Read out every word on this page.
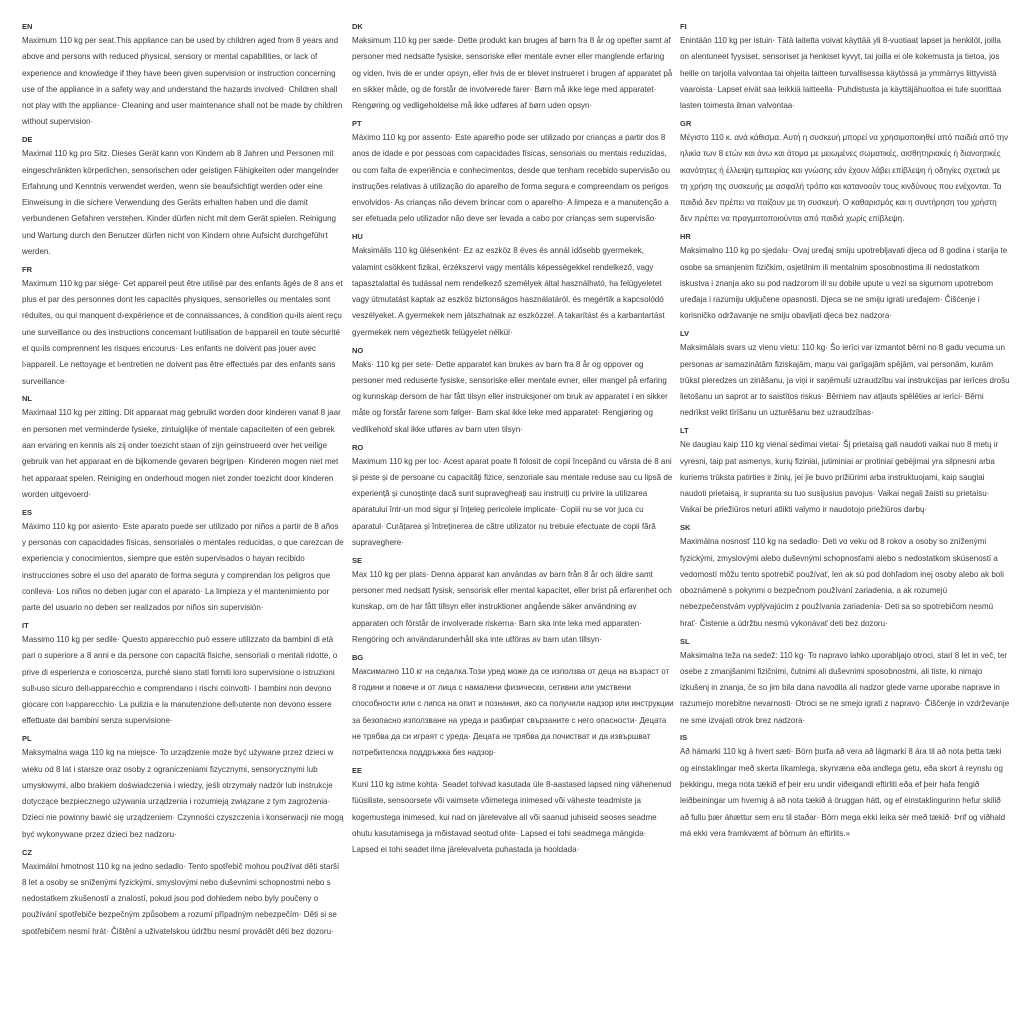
EN

Maximum 110 kg per seat.This appliance can be used by children aged from 8 years and above and persons with reduced physical, sensory or mental capabilities, or lack of experience and knowledge if they have been given supervision or instruction concerning use of the appliance in a safety way and understand the hazards involved· Children shall not play with the appliance· Cleaning and user maintenance shall not be made by children without supervision·

DE

Maximal 110 kg pro Sitz. Dieses Gerät kann von Kindern ab 8 Jahren und Personen mit eingeschränkten körperlichen, sensorischen oder geistigen Fähigkeiten oder mangelnder Erfahrung und Kenntnis verwendet werden, wenn sie beaufsichtigt werden oder eine Einweisung in die sichere Verwendung des Geräts erhalten haben und die damit verbundenen Gefahren verstehen. Kinder dürfen nicht mit dem Gerät spielen. Reinigung und Wartung durch den Benutzer dürfen nicht von Kindern ohne Aufsicht durchgeführt werden.

FR

Maximum 110 kg par siège· Cet appareil peut être utilisé par des enfants âgés de 8 ans et plus et par des personnes dont les capacités physiques, sensorielles ou mentales sont réduites, ou qui manquent d›expérience et de connaissances, à condition qu›ils aient reçu une surveillance ou des instructions concernant l›utilisation de l›appareil en toute sécurité et qu›ils comprennent les risques encourus· Les enfants ne doivent pas jouer avec l›appareil. Le nettoyage et l›entretien ne doivent pas être effectués par des enfants sans surveillance·

NL

Maximaal 110 kg per zitting. Dit apparaat mag gebruikt worden door kinderen vanaf 8 jaar en personen met verminderde fysieke, zintuiglijke of mentale capaciteiten of een gebrek aan ervaring en kennis als zij onder toezicht staan of zijn geinstrueerd over het veilige gebruik van het apparaat en de bijkomende gevaren begrijpen· Kinderen mogen niet met het apparaat spelen. Reiniging en onderhoud mogen niet zonder toezicht door kinderen worden uitgevoerd·

ES

Máximo 110 kg por asiento· Este aparato puede ser utilizado por niños a partir de 8 años y personas con capacidades físicas, sensoriales o mentales reducidas, o que carezcan de experiencia y conocimientos, siempre que estén supervisados o hayan recibido instrucciones sobre el uso del aparato de forma segura y comprendan los peligros que conlleva· Los niños no deben jugar con el aparato· La limpieza y el mantenimiento por parte del usuario no deben ser realizados por niños sin supervisión·

IT

Massimo 110 kg per sedile· Questo apparecchio può essere utilizzato da bambini di età pari o superiore a 8 anni e da persone con capacità fisiche, sensoriali o mentali ridotte, o prive di esperienza e conoscenza, purché siano stati forniti loro supervisione o istruzioni sull›uso sicuro dell›apparecchio e comprendano i rischi coinvolti· I bambini non devono giocare con l›apparecchio· La pulizia e la manutenzione dell›utente non devono essere effettuate dai bambini senza supervisione·

PL

Maksymalna waga 110 kg na miejsce· To urządzenie może być używane przez dzieci w wieku od 8 lat i starsze oraz osoby z ograniczeniami fizycznymi, sensorycznymi lub umysłowymi, albo brakiem doświadczenia i wiedzy, jeśli otrzymały nadzór lub instrukcje dotyczące bezpiecznego używania urządzenia i rozumieją związane z tym zagrożenia· Dzieci nie powinny bawić się urządzeniem· Czynności czyszczenia i konserwacji nie mogą być wykonywane przez dzieci bez nadzoru·

CZ

Maximální hmotnost 110 kg na jedno sedadlo· Tento spotřebič mohou používat děti starší 8 let a osoby se sníženými fyzickými, smyslovými nebo duševními schopnostmi nebo s nedostatkem zkušeností a znalostí, pokud jsou pod dohledem nebo byly poučeny o používání spotřebiče bezpečným způsobem a rozumí případným nebezpečím· Děti si se spotřebičem nesmí hrát· Čištění a uživatelskou údržbu nesmí provádět děti bez dozoru·

DK

Maksimum 110 kg per sæde· Dette produkt kan bruges af børn fra 8 år og opefter samt af personer med nedsatte fysiske, sensoriske eller mentale evner eller manglende erfaring og viden, hvis de er under opsyn, eller hvis de er blevet instrueret i brugen af apparatet på en sikker måde, og de forstår de involverede farer· Børn må ikke lege med apparatet· Rengøring og vedligeholdelse må ikke udføres af børn uden opsyn·

PT

Máximo 110 kg por assento· Este aparelho pode ser utilizado por crianças a partir dos 8 anos de idade e por pessoas com capacidades físicas, sensoriais ou mentais reduzidas, ou com falta de experiência e conhecimentos, desde que tenham recebido supervisão ou instruções relativas à utilização do aparelho de forma segura e compreendam os perigos envolvidos· As crianças não devem brincar com o aparelho· A limpeza e a manutenção a ser efetuada pelo utilizador não deve ser levada a cabo por crianças sem supervisão·

HU

Maksimális 110 kg ülésenként· Ez az eszköz 8 éves és annál idősebb gyermekek, valamint csökkent fizikai, érzékszervi vagy mentális képességekkel rendelkező, vagy tapasztalattal és tudással nem rendelkező személyek által használható, ha felügyeletet vagy útmutatást kaptak az eszköz biztonságos használatáról, és megértik a kapcsolódó veszélyeket. A gyermekek nem játszhatnak az eszközzel. A takarítást és a karbantartást gyermekek nem végezhetik felügyelet nélkül·

NO

Maks· 110 kg per sete· Dette apparatet kan brukes av barn fra 8 år og oppover og personer med reduserte fysiske, sensoriske eller mentale evner, eller mangel på erfaring og kunnskap dersom de har fått tilsyn eller instruksjoner om bruk av apparatet i en sikker måte og forstår farene som følger· Barn skal ikke leke med apparatet· Rengjøring og vedlikehold skal ikke utføres av barn uten tilsyn·

RO

Maximum 110 kg per loc· Acest aparat poate fi folosit de copii începând cu vârsta de 8 ani și peste și de persoane cu capacități fizice, senzoriale sau mentale reduse sau cu lipsă de experiență și cunoștințe dacă sunt supravegheați sau instruiți cu privire la utilizarea aparatului într-un mod sigur și înțeleg pericolele implicate· Copiii nu se vor juca cu aparatul· Curățarea și întreținerea de către utilizator nu trebuie efectuate de copii fără supraveghere·

SE

Max 110 kg per plats· Denna apparat kan användas av barn från 8 år och äldre samt personer med nedsatt fysisk, sensorisk eller mental kapacitet, eller brist på erfarenhet och kunskap, om de har fått tillsyn eller instruktioner angående säker användning av apparaten och förstår de involverade riskerna· Barn ska inte leka med apparaten· Rengöring och användarunderhåll ska inte utföras av barn utan tillsyn·

BG

Максимално 110 кг на седалка.Този уред може да се използва от деца на възраст от 8 години и повече и от лица с намалени физически, сетивни или умствени способности или с липса на опит и познания, ако са получили надзор или инструкции за безопасно използване на уреда и разбират свързаните с него опасности· Децата не трябва да си играят с уреда· Децата не трябва да почистват и да извършват потребителска поддръжка без надзор·

EE

Kuni 110 kg istme kohta· Seadet tohivad kasutada üle 8-aastased lapsed ning vähenenud füüsiliste, sensoorsete või vaimsete võimetega inimesed või väheste teadmiste ja kogemustega inimesed, kui nad on järelevalve all või saanud juhiseid seoses seadme ohutu kasutamisega ja mõistavad seotud ohte· Lapsed ei tohi seadmega mängida· Lapsed ei tohi seadet ilma järelevalveta puhastada ja hooldada·

FI

Enintään 110 kg per istuin· Tätä laitetta voivat käyttää yli 8-vuotiaat lapset ja henkilöt, joilla on alentuneet fyysiset, sensoriset ja henkiset kyvyt, tai joilla ei ole kokemusta ja tietoa, jos heille on tarjolla valvontaa tai ohjeita laitteen turvallisessa käytössä ja ymmärrys liittyvistä vaaroista· Lapset eivät saa leikkiä laitteella· Puhdistusta ja käyttäjähuoltoa ei tule suorittaa lasten toimesta ilman valvontaa·

GR

Μέγιστο 110 κ. ανά κάθισμα. Αυτή η συσκευή μπορεί να χρησιμοποιηθεί από παιδιά από την ηλικία των 8 ετών και άνω και άτομα με μειωμένες σωματικές, αισθητηριακές ή διανοητικές ικανότητες ή έλλειψη εμπειρίας και γνώσης εάν έχουν λάβει επίβλεψη ή οδηγίες σχετικά με τη χρήση της συσκευής με ασφαλή τρόπο και κατανοούν τους κινδύνους που ενέχονται. Τα παιδιά δεν πρέπει να παίζουν με τη συσκευή. Ο καθαρισμός και η συντήρηση του χρήστη δεν πρέπει να πραγματοποιούνται από παιδιά χωρίς επίβλεψη.

HR

Maksimalno 110 kg po sjedalu· Ovaj uređaj smiju upotrebljavati djeca od 8 godina i starija te osobe sa smanjenim fizičkim, osjetilnim ili mentalnim sposobnostima ili nedostatkom iskustva i znanja ako su pod nadzorom ili su dobile upute u vezi sa sigurnom upotrebom uređaja i razumiju uključene opasnosti. Djeca se ne smiju igrati uređajem· Čišćenje i korisničko održavanje ne smiju obavljati djeca bez nadzora·

LV

Maksimālais svars uz vienu vietu: 110 kg· Šo ierīci var izmantot bērni no 8 gadu vecuma un personas ar samazinātām fiziskajām, maņu vai garīgajām spējām, vai personām, kurām trūkst pieredzes un zināšanu, ja viņi ir saņēmuši uzraudzību vai instrukcijas par ierīces drošu lietošanu un saprot ar to saistītos riskus· Bērniem nav atļauts spēlēties ar ierīci· Bērni nedrīkst veikt tīrīšanu un uzturēšanu bez uzraudzības·

LT

Ne daugiau kaip 110 kg vienai sėdimai vietai· Šį prietaisą gali naudoti vaikai nuo 8 metų ir vyresni, taip pat asmenys, kurių fiziniai, jutiminiai ar protiniai gebėjimai yra silpnesni arba kuriems trūksta patirties ir žinių, jei jie buvo prižiūrimi arba instruktuojami, kaip saugiai naudoti prietaisą, ir supranta su tuo susijusius pavojus· Vaikai negali žaisti su prietaisu· Vaikai be priežiūros neturi atlikti valymo ir naudotojo priežiūros darbų·

SK

Maximálna nosnosť 110 kg na sedadlo· Deti vo veku od 8 rokov a osoby so zníženými fyzickými, zmyslovými alebo duševnými schopnosťami alebo s nedostatkom skúseností a vedomostí môžu tento spotrebič používať, len ak sú pod dohľadom inej osoby alebo ak boli oboznámené s pokynmi o bezpečnom používaní zariadenia, a ak rozumejú nebezpečenstvám vyplývajúcim z používania zariadenia· Deti sa so spotrebičom nesmú hrať· Čistenie a údržbu nesmú vykonávať deti bez dozoru·

SL

Maksimalna teža na sedež: 110 kg· To napravo lahko uporabljajo otroci, stari 8 let in več, ter osebe z zmanjšanimi fizičnimi, čutnimi ali duševnimi sposobnostmi, ali tiste, ki nimajo izkušenj in znanja, če so jim bila dana navodila ali nadzor glede varne uporabe naprave in razumejo morebitne nevarnosti· Otroci se ne smejo igrati z napravo· Čiščenje in vzdrževanje ne sme izvajati otrok brez nadzora·

IS

Að hámarki 110 kg á hvert sæti· Börn þurfa að vera að lágmarki 8 ára til að nota þetta tæki og einstaklingar með skerta líkamlega, skynræna eða andlega getu, eða skort á reynslu og þekkingu, mega nota tækið ef þeir eru undir viðeigandi eftirliti eða ef þeir hafa fengið leiðbeiningar um hvernig á að nota tækið á öruggan hátt, og ef einstaklingurinn hefur skilið að fullu þær áhættur sem eru til staðar· Börn mega ekki leika sér með tækið· Þrif og viðhald má ekki vera framkvæmt af börnum án eftirlits.»
